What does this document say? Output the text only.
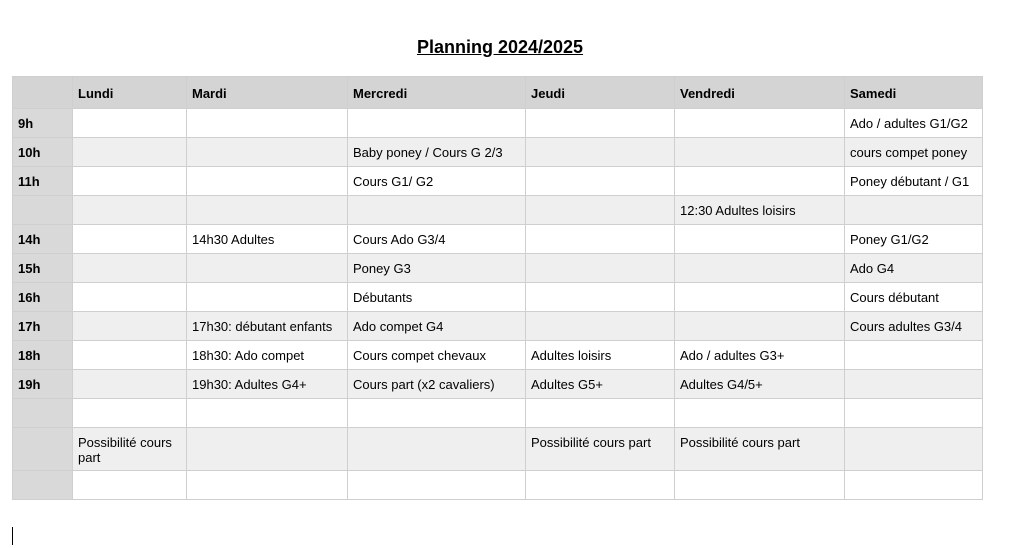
Planning 2024/2025
	Lundi	Mardi	Mercredi	Jeudi	Vendredi	Samedi
9h						Ado / adultes G1/G2
10h			Baby poney / Cours G 2/3			cours compet poney
11h			Cours G1/ G2			Poney débutant / G1
					12:30 Adultes loisirs	
14h		14h30 Adultes	Cours Ado G3/4			Poney G1/G2
15h			Poney G3			Ado G4
16h			Débutants			Cours débutant
17h		17h30: débutant enfants	Ado compet G4			Cours adultes G3/4
18h		18h30: Ado compet	Cours compet chevaux	Adultes loisirs	Ado / adultes G3+	
19h		19h30: Adultes G4+	Cours part (x2 cavaliers)	Adultes G5+	Adultes G4/5+	

	Possibilité cours part			Possibilité cours part	Possibilité cours part	
